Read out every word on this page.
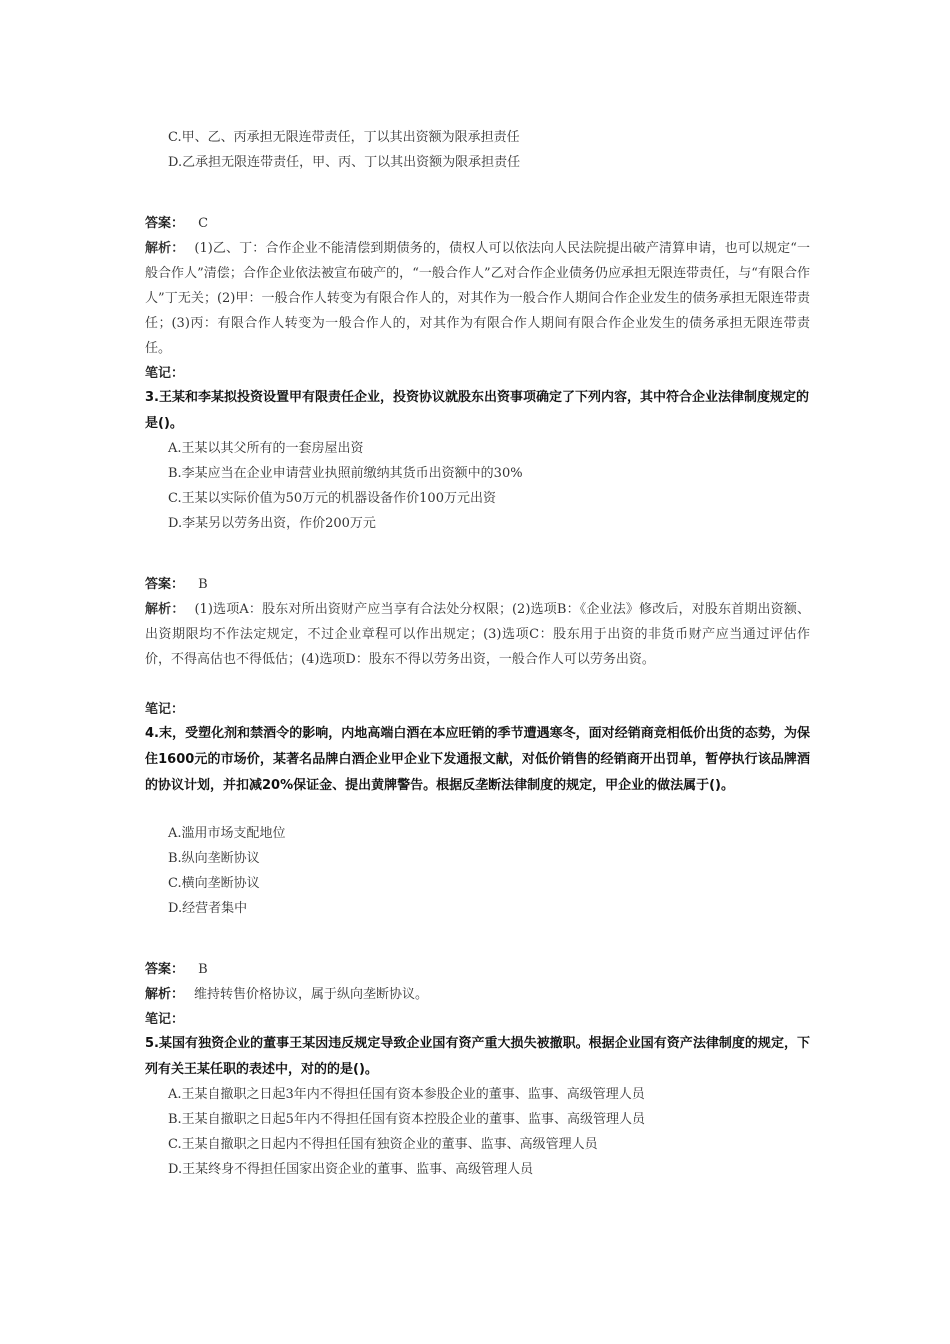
C.甲、乙、丙承担无限连带责任，丁以其出资额为限承担责任
D.乙承担无限连带责任，甲、丙、丁以其出资额为限承担责任
答案： C
解析： (1)乙、丁：合作企业不能清偿到期债务的，债权人可以依法向人民法院提出破产清算申请，也可以规定“一般合作人”清偿；合作企业依法被宣布破产的，“一般合作人”乙对合作企业债务仍应承担无限连带责任，与“有限合作人”丁无关；(2)甲：一般合作人转变为有限合作人的，对其作为一般合作人期间合作企业发生的债务承担无限连带责任；(3)丙：有限合作人转变为一般合作人的，对其作为有限合作人期间有限合作企业发生的债务承担无限连带责任。
笔记：
3.王某和李某拟投资设置甲有限责任企业，投资协议就股东出资事项确定了下列内容，其中符合企业法律制度规定的是()。
A.王某以其父所有的一套房屋出资
B.李某应当在企业申请营业执照前缴纳其货币出资额中的30%
C.王某以实际价值为50万元的机器设备作价100万元出资
D.李某另以劳务出资，作价200万元
答案： B
解析： (1)选项A：股东对所出资财产应当享有合法处分权限；(2)选项B：《企业法》修改后，对股东首期出资额、出资期限均不作法定规定，不过企业章程可以作出规定；(3)选项C：股东用于出资的非货币财产应当通过评估作价，不得高估也不得低估；(4)选项D：股东不得以劳务出资，一般合作人可以劳务出资。
笔记：
4.末，受塑化剂和禁酒令的影响，内地高端白酒在本应旺销的季节遭遇寒冬，面对经销商竞相低价出货的态势，为保住1600元的市场价，某著名品牌白酒企业甲企业下发通报文献，对低价销售的经销商开出罚单，暂停执行该品牌酒的协议计划，并扣减20%保证金、提出黄牌警告。根据反垄断法律制度的规定，甲企业的做法属于()。
A.滥用市场支配地位
B.纵向垄断协议
C.横向垄断协议
D.经营者集中
答案： B
解析： 维持转售价格协议，属于纵向垄断协议。
笔记：
5.某国有独资企业的董事王某因违反规定导致企业国有资产重大损失被撤职。根据企业国有资产法律制度的规定，下列有关王某任职的表述中，对的的是()。
A.王某自撤职之日起3年内不得担任国有资本参股企业的董事、监事、高级管理人员
B.王某自撤职之日起5年内不得担任国有资本控股企业的董事、监事、高级管理人员
C.王某自撤职之日起内不得担任国有独资企业的董事、监事、高级管理人员
D.王某终身不得担任国家出资企业的董事、监事、高级管理人员
